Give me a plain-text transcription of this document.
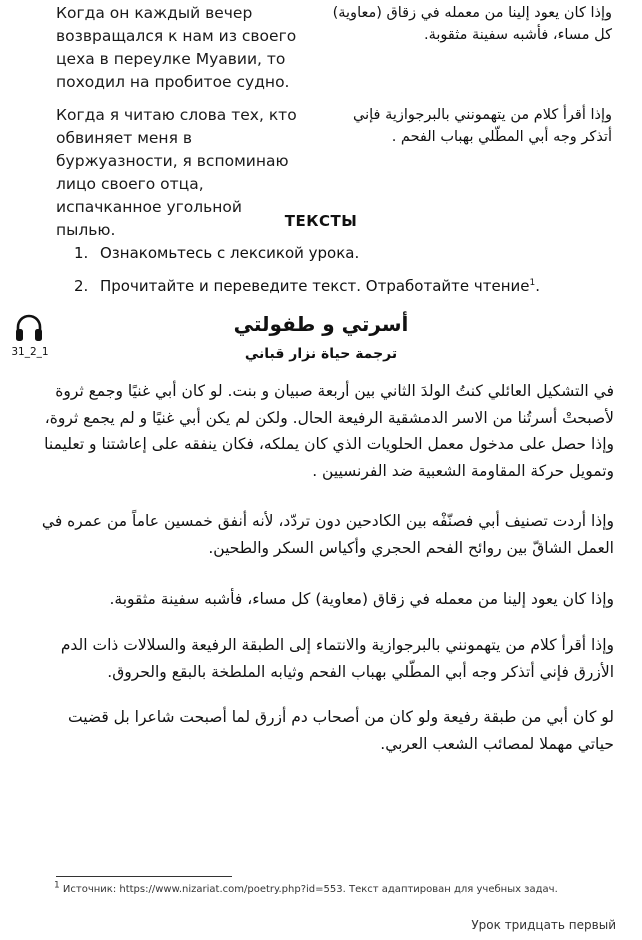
Когда он каждый вечер возвращался к нам из своего цеха в переулке Муавии, то походил на пробитое судно.
وإذا كان يعود إلينا من معمله في زقاق (معاوية) كل مساء، فأشبه سفينة مثقوبة.
Когда я читаю слова тех, кто обвиняет меня в буржуазности, я вспоминаю лицо своего отца, испачканное угольной пылью.
وإذا أقرأ كلام من يتهمونني بالبرجوازية فإني أتذكر وجه أبي المطّلي بهباب الفحم .
ТЕКСТЫ
1. Ознакомьтесь с лексикой урока.
2. Прочитайте и переведите текст. Отработайте чтение$^1$.
31_2_1
أسرتي و طفولتي
ترجمة حياة نزار قباني
في التشكيل العائلي كنتُ الولدَ الثاني بين أربعة صبيان و بنت. لو كان أبي غنيًا وجمع ثروة لأصبحتْ أسرتُنا من الاسر الدمشقية الرفيعة الحال. ولكن لم يكن أبي غنيًا و لم يجمع ثروة، وإذا حصل على مدخول معمل الحلويات الذي كان يملكه، فكان ينفقه على إعاشتنا و تعليمنا وتمويل حركة المقاومة الشعبية ضد الفرنسيين .
وإذا أردت تصنيف أبي فصنّفْه بين الكادحين دون تردّد، لأنه أنفق خمسين عاماً من عمره في العمل الشاقّ بين روائح الفحم الحجري وأكياس السكر والطحين.
وإذا كان يعود إلينا من معمله في زقاق (معاوية) كل مساء، فأشبه سفينة مثقوبة.
وإذا أقرأ كلام من يتهمونني بالبرجوازية والانتماء إلى الطبقة الرفيعة والسلالات ذات الدم الأزرق فإني أتذكر وجه أبي المطّلي بهباب الفحم وثيابه الملطخة بالبقع والحروق.
لو كان أبي من طبقة رفيعة ولو كان من أصحاب دم أزرق لما أصبحت شاعرا بل قضيت حياتي مهملا لمصائب الشعب العربي.
$^1$ Источник: https://www.nizariat.com/poetry.php?id=553. Текст адаптирован для учебных задач.
Урок тридцать первый
